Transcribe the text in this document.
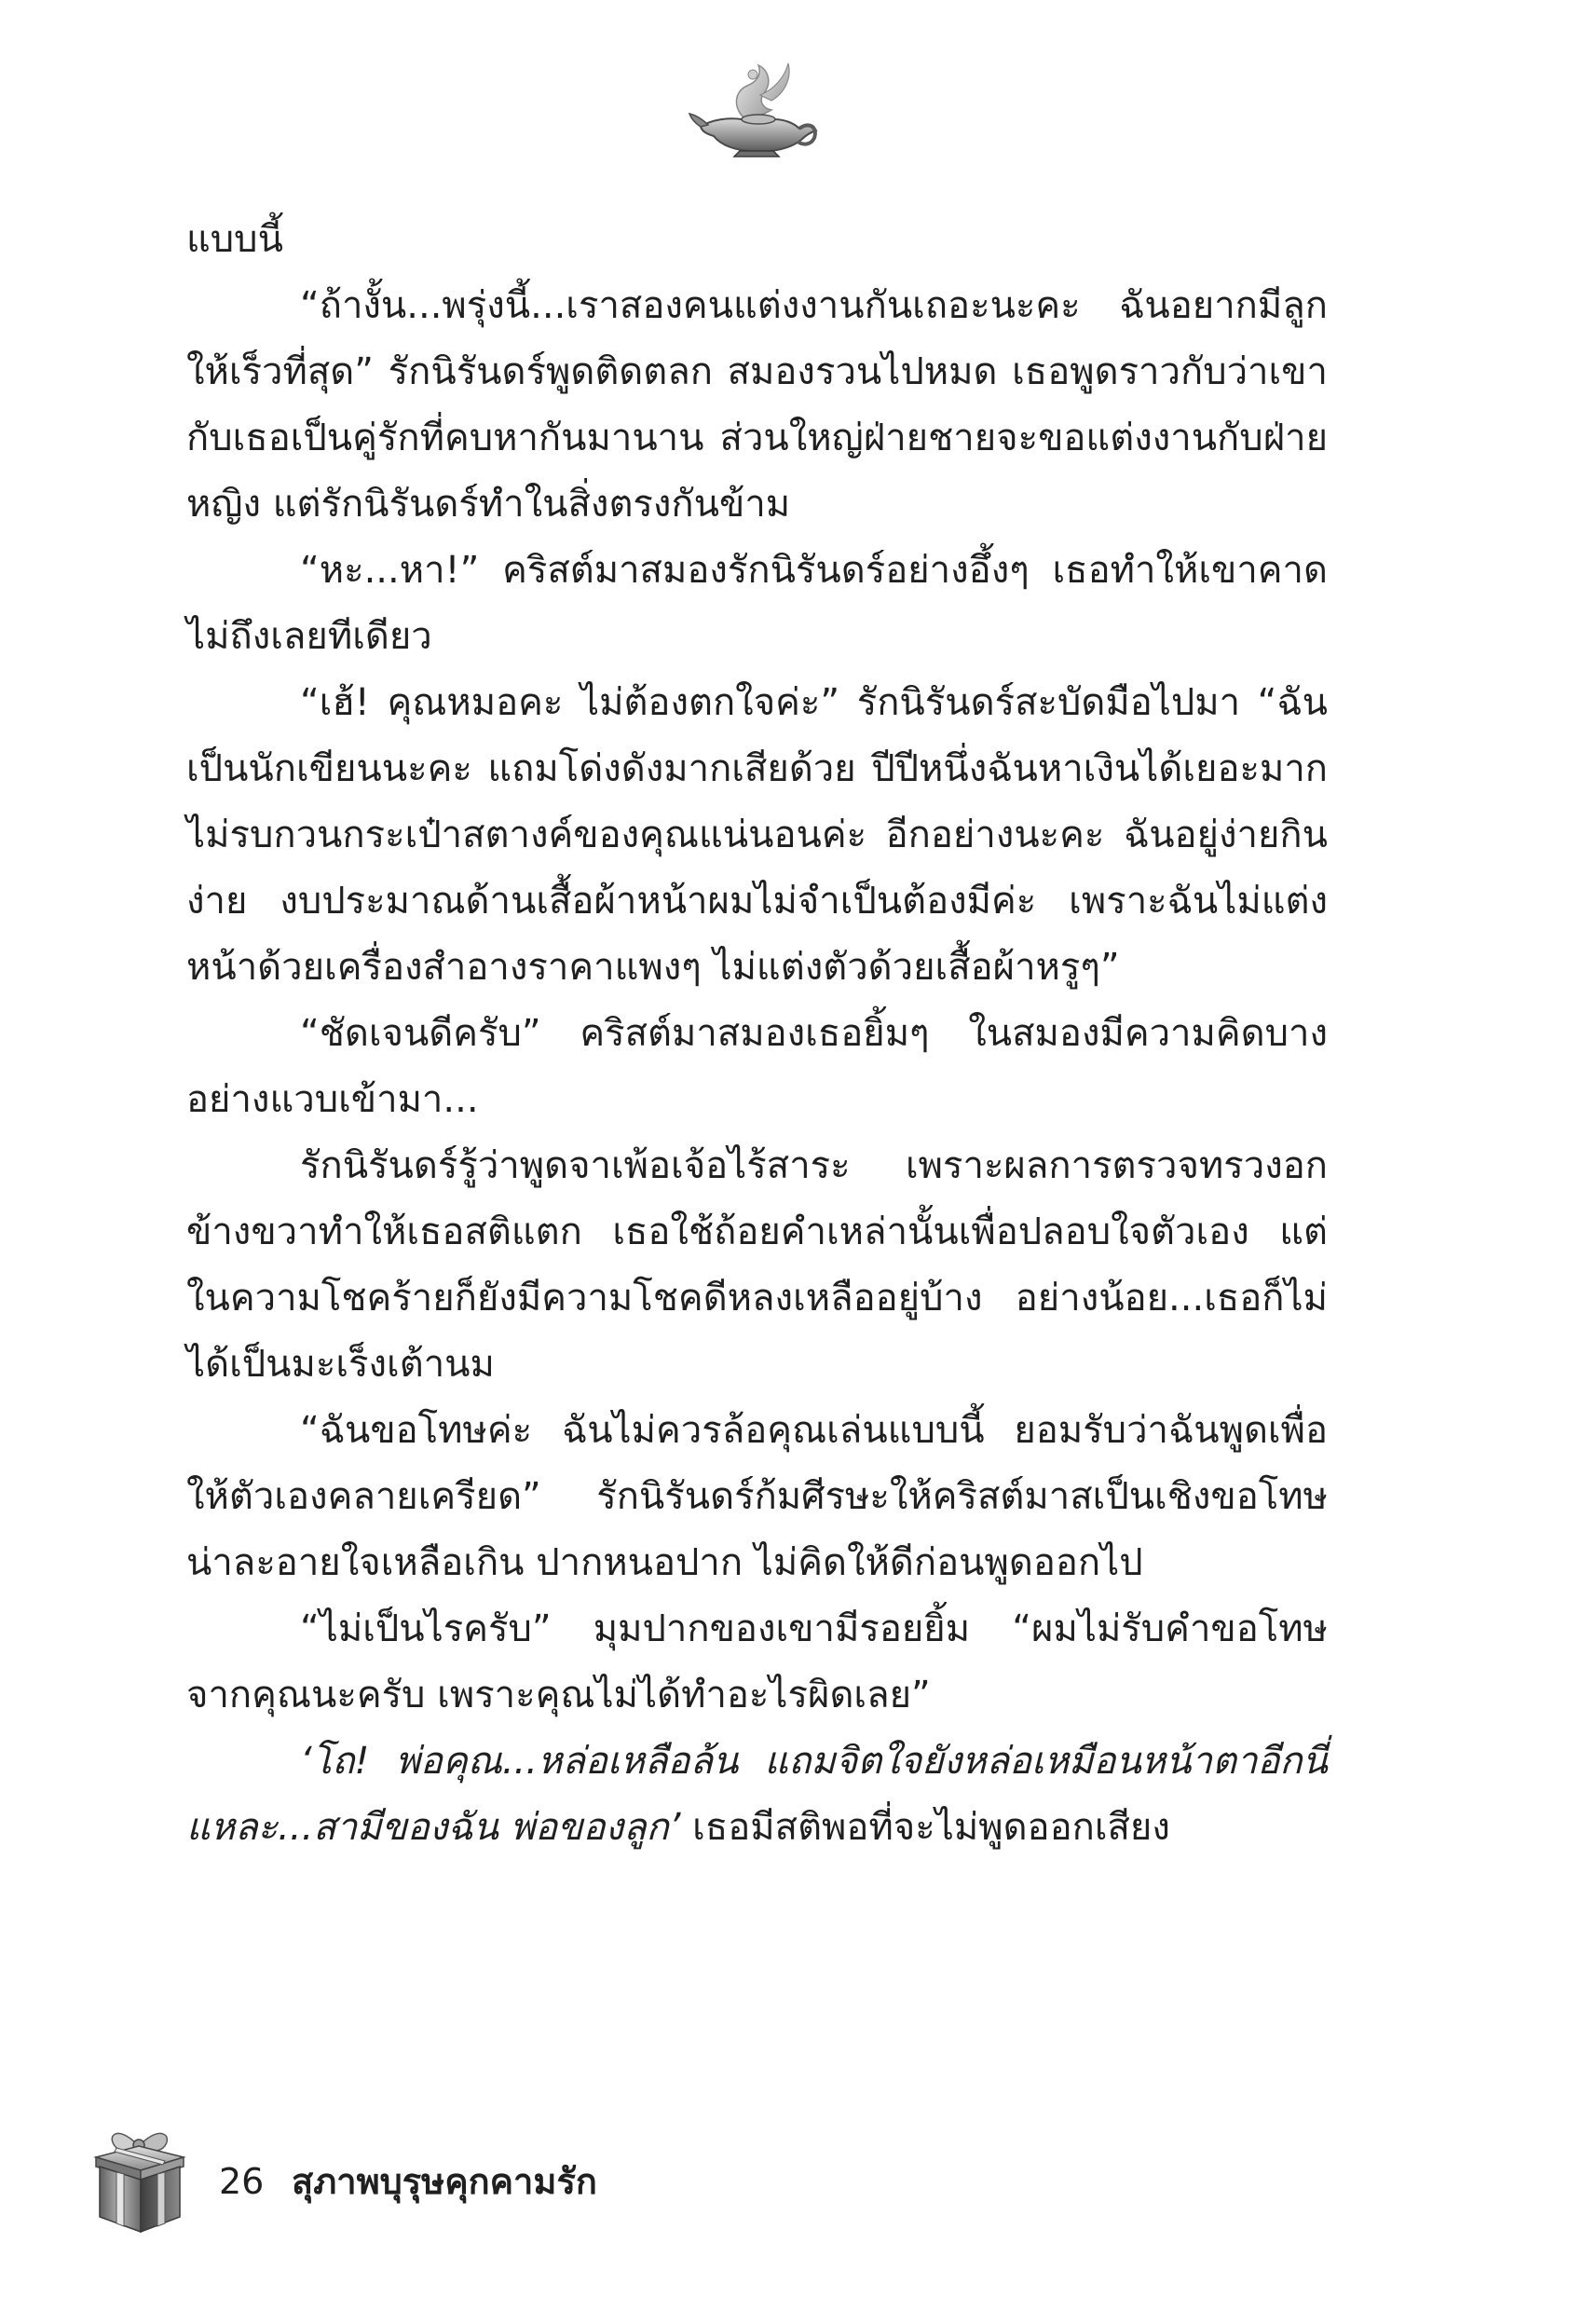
แบบนี้

“ถ้างั้น...พรุ่งนี้...เราสองคนแต่งงานกันเถอะนะคะ ฉันอยากมีลูกให้เร็วที่สุด” รักนิรันดร์พูดติดตลก สมองรวนไปหมด เธอพูดราวกับว่าเขากับเธอเป็นคู่รักที่คบหากันมานาน ส่วนใหญ่ฝ่ายชายจะขอแต่งงานกับฝ่ายหญิง แต่รักนิรันดร์ทำในสิ่งตรงกันข้าม

“หะ...หา!” คริสต์มาสมองรักนิรันดร์อย่างอึ้งๆ เธอทำให้เขาคาดไม่ถึงเลยทีเดียว

“เฮ้! คุณหมอคะ ไม่ต้องตกใจค่ะ” รักนิรันดร์สะบัดมือไปมา “ฉันเป็นนักเขียนนะคะ แถมโด่งดังมากเสียด้วย ปีปีหนึ่งฉันหาเงินได้เยอะมาก ไม่รบกวนกระเป๋าสตางค์ของคุณแน่นอนค่ะ อีกอย่างนะคะ ฉันอยู่ง่ายกินง่าย งบประมาณด้านเสื้อผ้าหน้าผมไม่จำเป็นต้องมีค่ะ เพราะฉันไม่แต่งหน้าด้วยเครื่องสำอางราคาแพงๆ ไม่แต่งตัวด้วยเสื้อผ้าหรูๆ”

“ชัดเจนดีครับ” คริสต์มาสมองเธอยิ้มๆ ในสมองมีความคิดบางอย่างแวบเข้ามา...

รักนิรันดร์รู้ว่าพูดจาเพ้อเจ้อไร้สาระ เพราะผลการตรวจทรวงอกข้างขวาทำให้เธอสติแตก เธอใช้ถ้อยคำเหล่านั้นเพื่อปลอบใจตัวเอง แต่ในความโชคร้ายก็ยังมีความโชคดีหลงเหลืออยู่บ้าง อย่างน้อย...เธอก็ไม่ได้เป็นมะเร็งเต้านม

“ฉันขอโทษค่ะ ฉันไม่ควรล้อคุณเล่นแบบนี้ ยอมรับว่าฉันพูดเพื่อให้ตัวเองคลายเครียด” รักนิรันดร์ก้มศีรษะให้คริสต์มาสเป็นเชิงขอโทษ น่าละอายใจเหลือเกิน ปากหนอปาก ไม่คิดให้ดีก่อนพูดออกไป

“ไม่เป็นไรครับ” มุมปากของเขามีรอยยิ้ม “ผมไม่รับคำขอโทษจากคุณนะครับ เพราะคุณไม่ได้ทำอะไรผิดเลย”

‘โถ! พ่อคุณ...หล่อเหลือล้น แถมจิตใจยังหล่อเหมือนหน้าตาอีกนี่แหละ...สามีของฉัน พ่อของลูก’ เธอมีสติพอที่จะไม่พูดออกเสียง

26 สุภาพบุรุษคุกคามรัก
